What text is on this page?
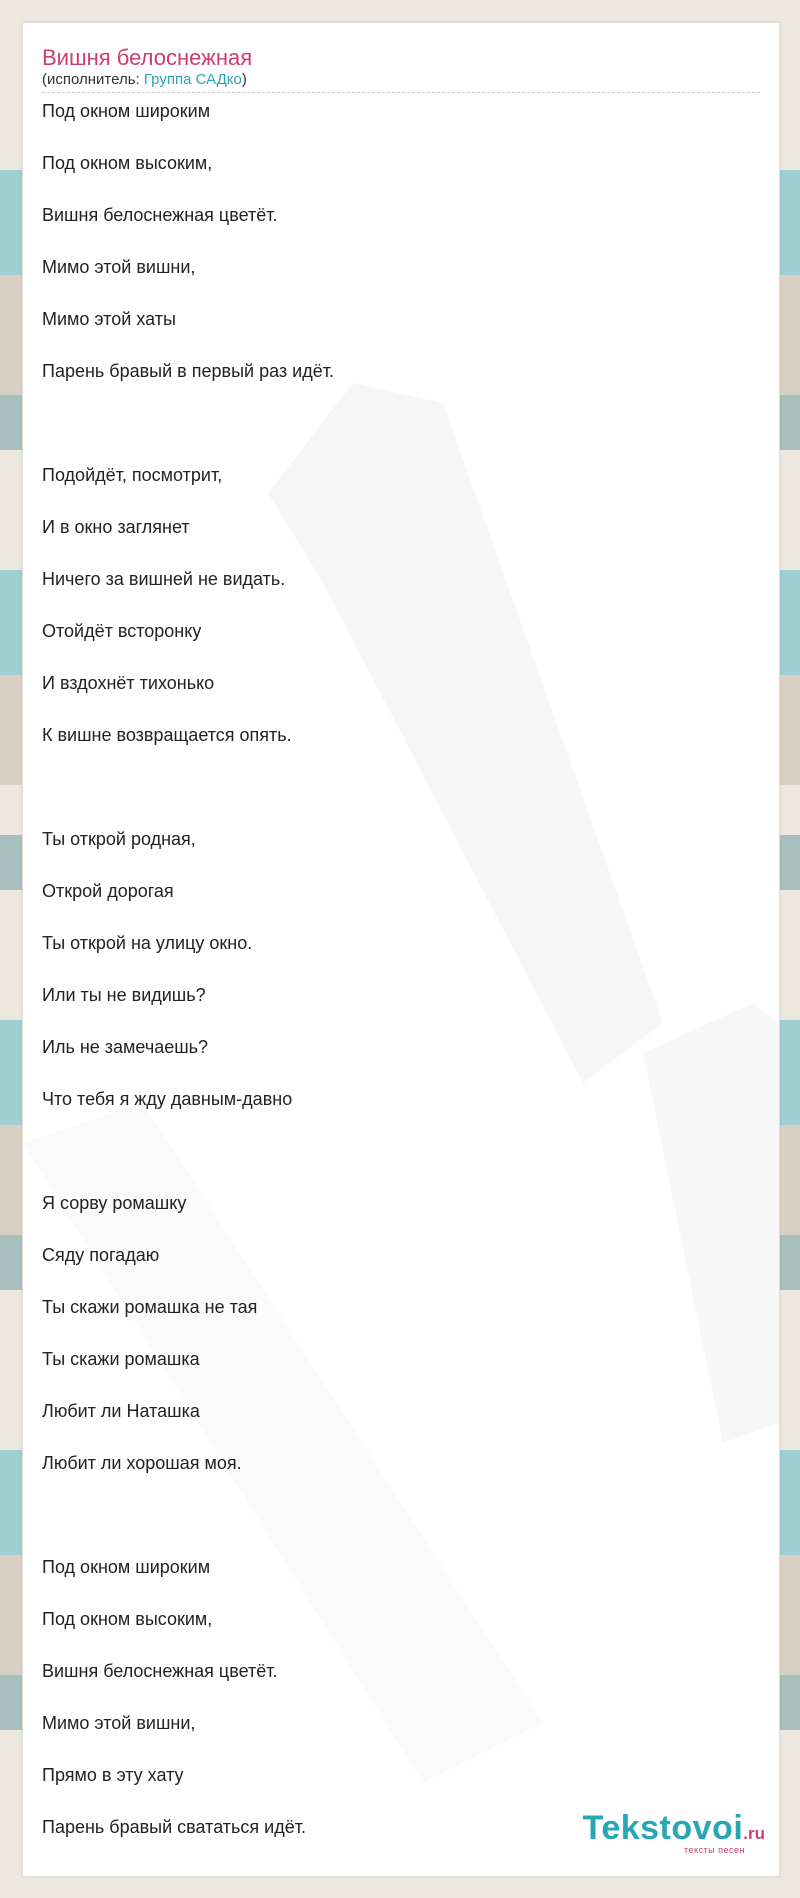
Вишня белоснежная
(исполнитель: Группа САДко)
Под окном широким
Под окном высоким,
Вишня белоснежная цветёт.
Мимо этой вишни,
Мимо этой хаты
Парень бравый в первый раз идёт.
Подойдёт, посмотрит,
И в окно заглянет
Ничего за вишней не видать.
Отойдёт всторонку
И вздохнёт тихонько
К вишне возвращается опять.
Ты открой родная,
Открой дорогая
Ты открой на улицу окно.
Или ты не видишь?
Иль не замечаешь?
Что тебя я жду давным-давно
Я сорву ромашку
Сяду погадаю
Ты скажи ромашка не тая
Ты скажи ромашка
Любит ли Наташка
Любит ли хорошая моя.
Под окном широким
Под окном высоким,
Вишня белоснежная цветёт.
Мимо этой вишни,
Прямо в эту хату
Парень бравый свататься идёт.	Tekstovoi.ru
тексты песен
